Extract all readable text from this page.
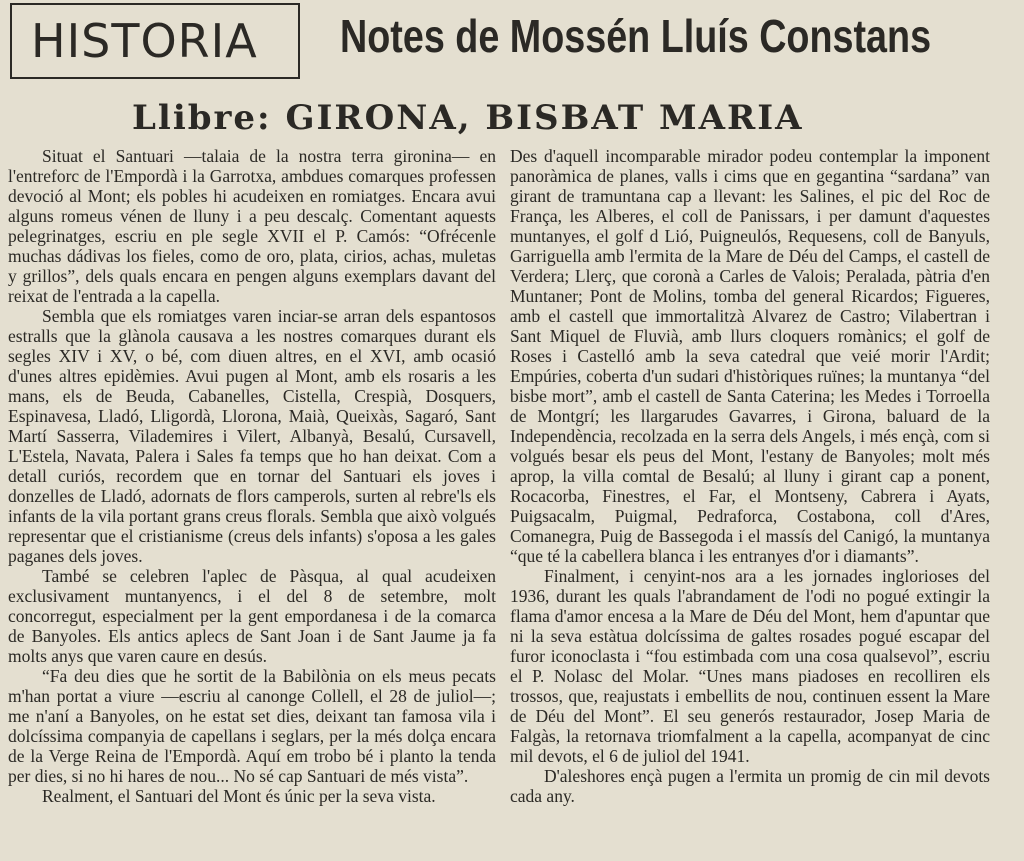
HISTORIA Notes de Mossén Lluís Constans
Llibre: GIRONA, BISBAT MARIA

Situat el Santuari —talaia de la nostra terra gironina— en l'entreforc de l'Empordà i la Garrotxa, ambdues comarques professen devoció al Mont; els pobles hi acudeixen en romiatges. Encara avui alguns romeus vénen de lluny i a peu descalç. Comentant aquests pelegrinatges, escriu en ple segle XVII el P. Camós: “Ofrécenle muchas dádivas los fieles, como de oro, plata, cirios, achas, muletas y grillos”, dels quals encara en pengen alguns exemplars davant del reixat de l'entrada a la capella.

Sembla que els romiatges varen inciar-se arran dels espantosos estralls que la glànola causava a les nostres comarques durant els segles XIV i XV, o bé, com diuen altres, en el XVI, amb ocasió d'unes altres epidèmies. Avui pugen al Mont, amb els rosaris a les mans, els de Beuda, Cabanelles, Cistella, Crespià, Dosquers, Espinavesa, Lladó, Lligordà, Llorona, Maià, Queixàs, Sagaró, Sant Martí Sasserra, Vilademires i Vilert, Albanyà, Besalú, Cursavell, L'Estela, Navata, Palera i Sales fa temps que ho han deixat. Com a detall curiós, recordem que en tornar del Santuari els joves i donzelles de Lladó, adornats de flors camperols, surten al rebre'ls els infants de la vila portant grans creus florals. Sembla que això volgués representar que el cristianisme (creus dels infants) s'oposa a les gales paganes dels joves.

També se celebren l'aplec de Pàsqua, al qual acudeixen exclusivament muntanyencs, i el del 8 de setembre, molt concorregut, especialment per la gent empordanesa i de la comarca de Banyoles. Els antics aplecs de Sant Joan i de Sant Jaume ja fa molts anys que varen caure en desús.

“Fa deu dies que he sortit de la Babilònia on els meus pecats m'han portat a viure —escriu al canonge Collell, el 28 de juliol—; me n'aní a Banyoles, on he estat set dies, deixant tan famosa vila i dolcíssima companyia de capellans i seglars, per la més dolça encara de la Verge Reina de l'Empordà. Aquí em trobo bé i planto la tenda per dies, si no hi hares de nou... No sé cap Santuari de més vista”.

Realment, el Santuari del Mont és únic per la seva vista.

Des d'aquell incomparable mirador podeu contemplar la imponent panoràmica de planes, valls i cims que en gegantina “sardana” van girant de tramuntana cap a llevant: les Salines, el pic del Roc de França, les Alberes, el coll de Panissars, i per damunt d'aquestes muntanyes, el golf d Lió, Puigneulós, Requesens, coll de Banyuls, Garriguella amb l'ermita de la Mare de Déu del Camps, el castell de Verdera; Llerç, que coronà a Carles de Valois; Peralada, pàtria d'en Muntaner; Pont de Molins, tomba del general Ricardos; Figueres, amb el castell que immortalitzà Alvarez de Castro; Vilabertran i Sant Miquel de Fluvià, amb llurs cloquers romànics; el golf de Roses i Castelló amb la seva catedral que veié morir l'Ardit; Empúries, coberta d'un sudari d'històriques ruïnes; la muntanya “del bisbe mort”, amb el castell de Santa Caterina; les Medes i Torroella de Montgrí; les llargarudes Gavarres, i Girona, baluard de la Independència, recolzada en la serra dels Angels, i més ençà, com si volgués besar els peus del Mont, l'estany de Banyoles; molt més aprop, la villa comtal de Besalú; al lluny i girant cap a ponent, Rocacorba, Finestres, el Far, el Montseny, Cabrera i Ayats, Puigsacalm, Puigmal, Pedraforca, Costabona, coll d'Ares, Comanegra, Puig de Bassegoda i el massís del Canigó, la muntanya “que té la cabellera blanca i les entranyes d'or i diamants”.

Finalment, i cenyint-nos ara a les jornades inglorioses del 1936, durant les quals l'abrandament de l'odi no pogué extingir la flama d'amor encesa a la Mare de Déu del Mont, hem d'apuntar que ni la seva estàtua dolcíssima de galtes rosades pogué escapar del furor iconoclasta i “fou estimbada com una cosa qualsevol”, escriu el P. Nolasc del Molar. “Unes mans piadoses en recolliren els trossos, que, reajustats i embellits de nou, continuen essent la Mare de Déu del Mont”. El seu generós restaurador, Josep Maria de Falgàs, la retornava triomfalment a la capella, acompanyat de cinc mil devots, el 6 de juliol del 1941.

D'aleshores ençà pugen a l'ermita un promig de cin mil devots cada any.
